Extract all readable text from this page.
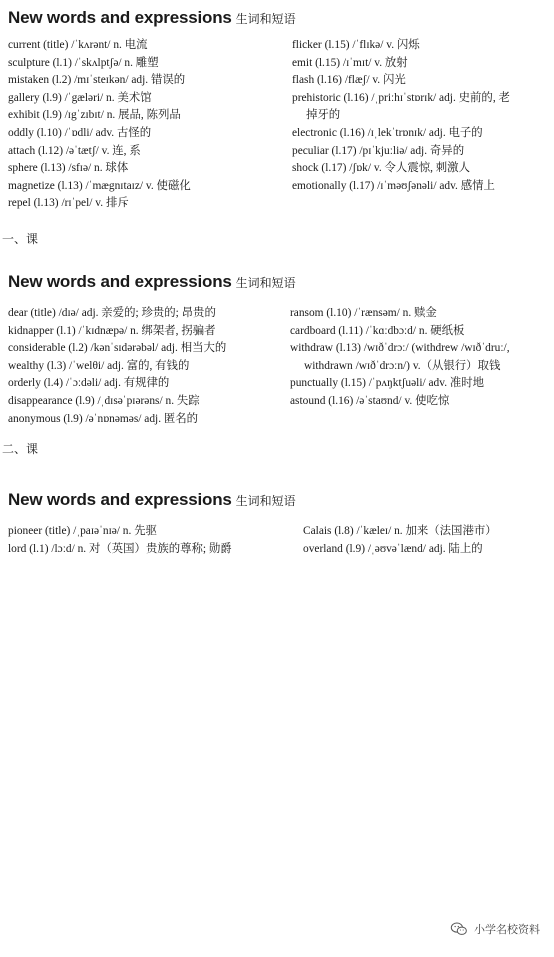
New words and expressions 生词和短语
current (title) /ˈkʌrənt/ n. 电流
sculpture (l.1) /ˈskʌlptʃə/ n. 雕塑
mistaken (l.2) /mɪˈsteɪkən/ adj. 错误的
gallery (l.9) /ˈgæləri/ n. 美术馆
exhibit (l.9) /ɪgˈzɪbɪt/ n. 展品, 陈列品
oddly (l.10) /ˈɒdli/ adv. 古怪的
attach (l.12) /əˈtætʃ/ v. 连, 系
sphere (l.13) /sfɪə/ n. 球体
magnetize (l.13) /ˈmægnɪtaɪz/ v. 使磁化
repel (l.13) /rɪˈpel/ v. 排斥
flicker (l.15) /ˈflɪkə/ v. 闪烁
emit (l.15) /ɪˈmɪt/ v. 放射
flash (l.16) /flæʃ/ v. 闪光
prehistoric (l.16) /ˌpriːhɪˈstɒrɪk/ adj. 史前的, 老
掉牙的
electronic (l.16) /ɪˌlekˈtrɒnɪk/ adj. 电子的
peculiar (l.17) /pɪˈkjuːliə/ adj. 奇异的
shock (l.17) /ʃɒk/ v. 令人震惊, 刺激人
emotionally (l.17) /ɪˈməʊʃənəli/ adv. 感情上
一、课
New words and expressions 生词和短语
dear (title) /dɪə/ adj. 亲爱的; 珍贵的; 昂贵的
kidnapper (l.1) /ˈkɪdnæpə/ n. 绑架者, 拐骗者
considerable (l.2) /kənˈsɪdərəbəl/ adj. 相当大的
wealthy (l.3) /ˈwelθi/ adj. 富的, 有钱的
orderly (l.4) /ˈɔːdəli/ adj. 有规律的
disappearance (l.9) /ˌdɪsəˈpɪərəns/ n. 失踪
anonymous (l.9) /əˈnɒnəməs/ adj. 匿名的
ransom (l.10) /ˈrænsəm/ n. 赎金
cardboard (l.11) /ˈkɑːdbɔːd/ n. 硬纸板
withdraw (l.13) /wɪðˈdrɔː/ (withdrew /wɪðˈdruː/,
withdrawn /wɪðˈdrɔːn/) v.（从银行）取钱
punctually (l.15) /ˈpʌŋktʃuəli/ adv. 准时地
astound (l.16) /əˈstaʊnd/ v. 使吃惊
二、课
New words and expressions 生词和短语
pioneer (title) /ˌpaɪəˈnɪə/ n. 先驱
lord (l.1) /lɔːd/ n. 对（英国）贵族的尊称; 勋爵
Calais (l.8) /ˈkæleɪ/ n. 加来（法国港市）
overland (l.9) /ˌəʊvəˈlænd/ adj. 陆上的
小学名校资料
